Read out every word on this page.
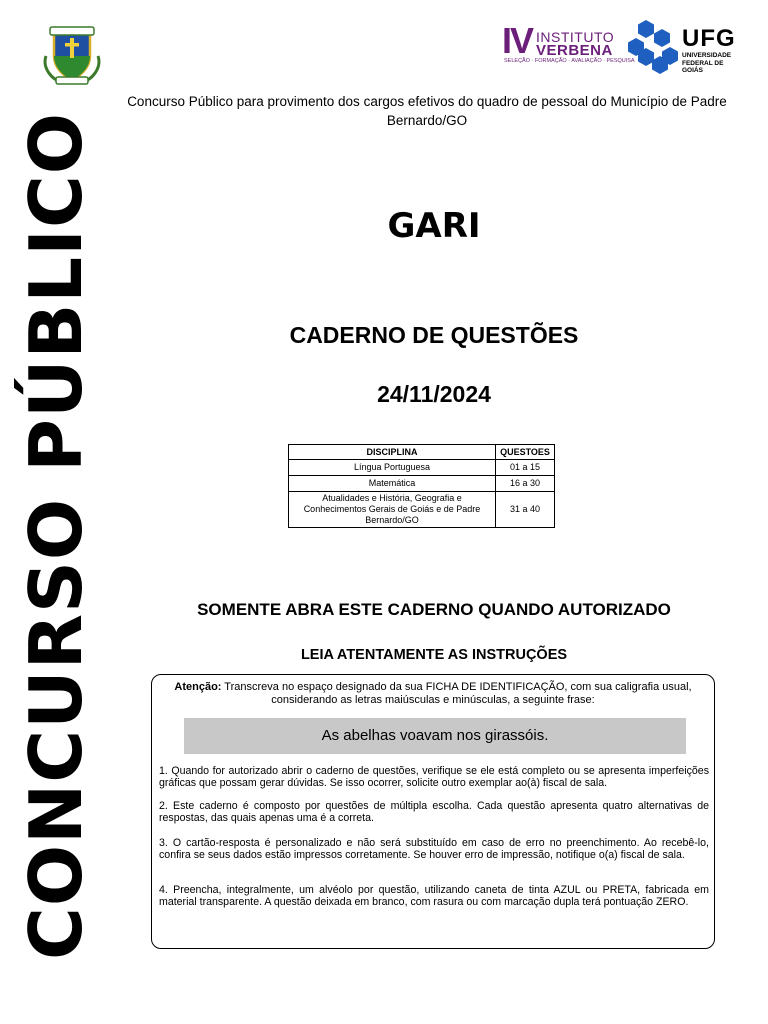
IV INSTITUTO
VERBENA
SELEÇÃO · FORMAÇÃO · AVALIAÇÃO · PESQUISA
UFG
UNIVERSIDADE
FEDERAL DE GOIÁS
Concurso Público para provimento dos cargos efetivos do quadro de pessoal do Município de Padre Bernardo/GO
CONCURSO PÚBLICO	GARI
CADERNO DE QUESTÕES
24/11/2024
DISCIPLINA	QUESTOES
Língua Portuguesa	01 a 15
Matemática	16 a 30
Atualidades e História, Geografia e Conhecimentos Gerais de Goiás e de Padre Bernardo/GO	31 a 40
SOMENTE ABRA ESTE CADERNO QUANDO AUTORIZADO
LEIA ATENTAMENTE AS INSTRUÇÕES
Atenção: Transcreva no espaço designado da sua FICHA DE IDENTIFICAÇÃO, com sua caligrafia usual, considerando as letras maiúsculas e minúsculas, a seguinte frase:
As abelhas voavam nos girassóis.
1. Quando for autorizado abrir o caderno de questões, verifique se ele está completo ou se apresenta imperfeições gráficas que possam gerar dúvidas. Se isso ocorrer, solicite outro exemplar ao(à) fiscal de sala.
2. Este caderno é composto por questões de múltipla escolha. Cada questão apresenta quatro alternativas de respostas, das quais apenas uma é a correta.
3. O cartão-resposta é personalizado e não será substituído em caso de erro no preenchimento. Ao recebê-lo, confira se seus dados estão impressos corretamente. Se houver erro de impressão, notifique o(a) fiscal de sala.
4. Preencha, integralmente, um alvéolo por questão, utilizando caneta de tinta AZUL ou PRETA, fabricada em material transparente. A questão deixada em branco, com rasura ou com marcação dupla terá pontuação ZERO.
